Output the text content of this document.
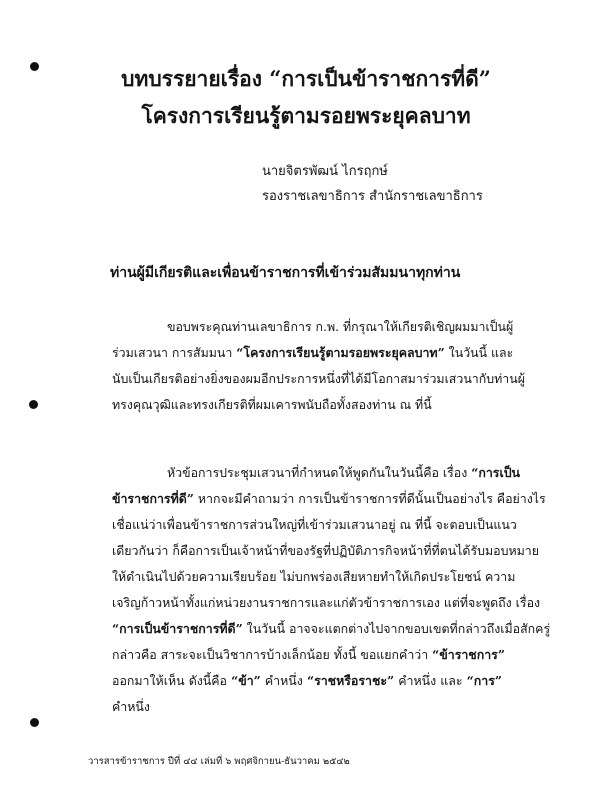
บทบรรยายเรื่อง “การเป็นข้าราชการที่ดี”
โครงการเรียนรู้ตามรอยพระยุคลบาท
นายจิตรพัฒน์ ไกรฤกษ์
รองราชเลขาธิการ สำนักราชเลขาธิการ
ท่านผู้มีเกียรติและเพื่อนข้าราชการที่เข้าร่วมสัมมนาทุกท่าน
ขอบพระคุณท่านเลขาธิการ ก.พ. ที่กรุณาให้เกียรติเชิญผมมาเป็นผู้
ร่วมเสวนา การสัมมนา “โครงการเรียนรู้ตามรอยพระยุคลบาท” ในวันนี้ และ
นับเป็นเกียรติอย่างยิ่งของผมอีกประการหนึ่งที่ได้มีโอกาสมาร่วมเสวนากับท่านผู้
ทรงคุณวุฒิและทรงเกียรติที่ผมเคารพนับถือทั้งสองท่าน ณ ที่นี้
หัวข้อการประชุมเสวนาที่กำหนดให้พูดกันในวันนี้คือ เรื่อง “การเป็น
ข้าราชการที่ดี” หากจะมีคำถามว่า การเป็นข้าราชการที่ดีนั้นเป็นอย่างไร คือย่างไร
เชื่อแน่ว่าเพื่อนข้าราชการส่วนใหญ่ที่เข้าร่วมเสวนาอยู่ ณ ที่นี้ จะตอบเป็นแนว
เดียวกันว่า ก็คือการเป็นเจ้าหน้าที่ของรัฐที่ปฏิบัติภารกิจหน้าที่ที่ตนได้รับมอบหมาย
ให้ดำเนินไปด้วยความเรียบร้อย ไม่บกพร่องเสียหายทำให้เกิดประโยชน์ ความ
เจริญก้าวหน้าทั้งแก่หน่วยงานราชการและแก่ตัวข้าราชการเอง แต่ที่จะพูดถึง เรื่อง
“การเป็นข้าราชการที่ดี” ในวันนี้ อาจจะแตกต่างไปจากขอบเขตที่กล่าวถึงเมื่อสักครู่
กล่าวคือ สาระจะเป็นวิชาการบ้างเล็กน้อย ทั้งนี้ ขอแยกคำว่า “ข้าราชการ”
ออกมาให้เห็น ดังนี้คือ “ข้า” คำหนึ่ง “ราชหรือราชะ” คำหนึ่ง และ “การ”
คำหนึ่ง
วารสารข้าราชการ ปีที่ ๔๔ เล่มที่ ๖ พฤศจิกายน-ธันวาคม ๒๕๔๒
